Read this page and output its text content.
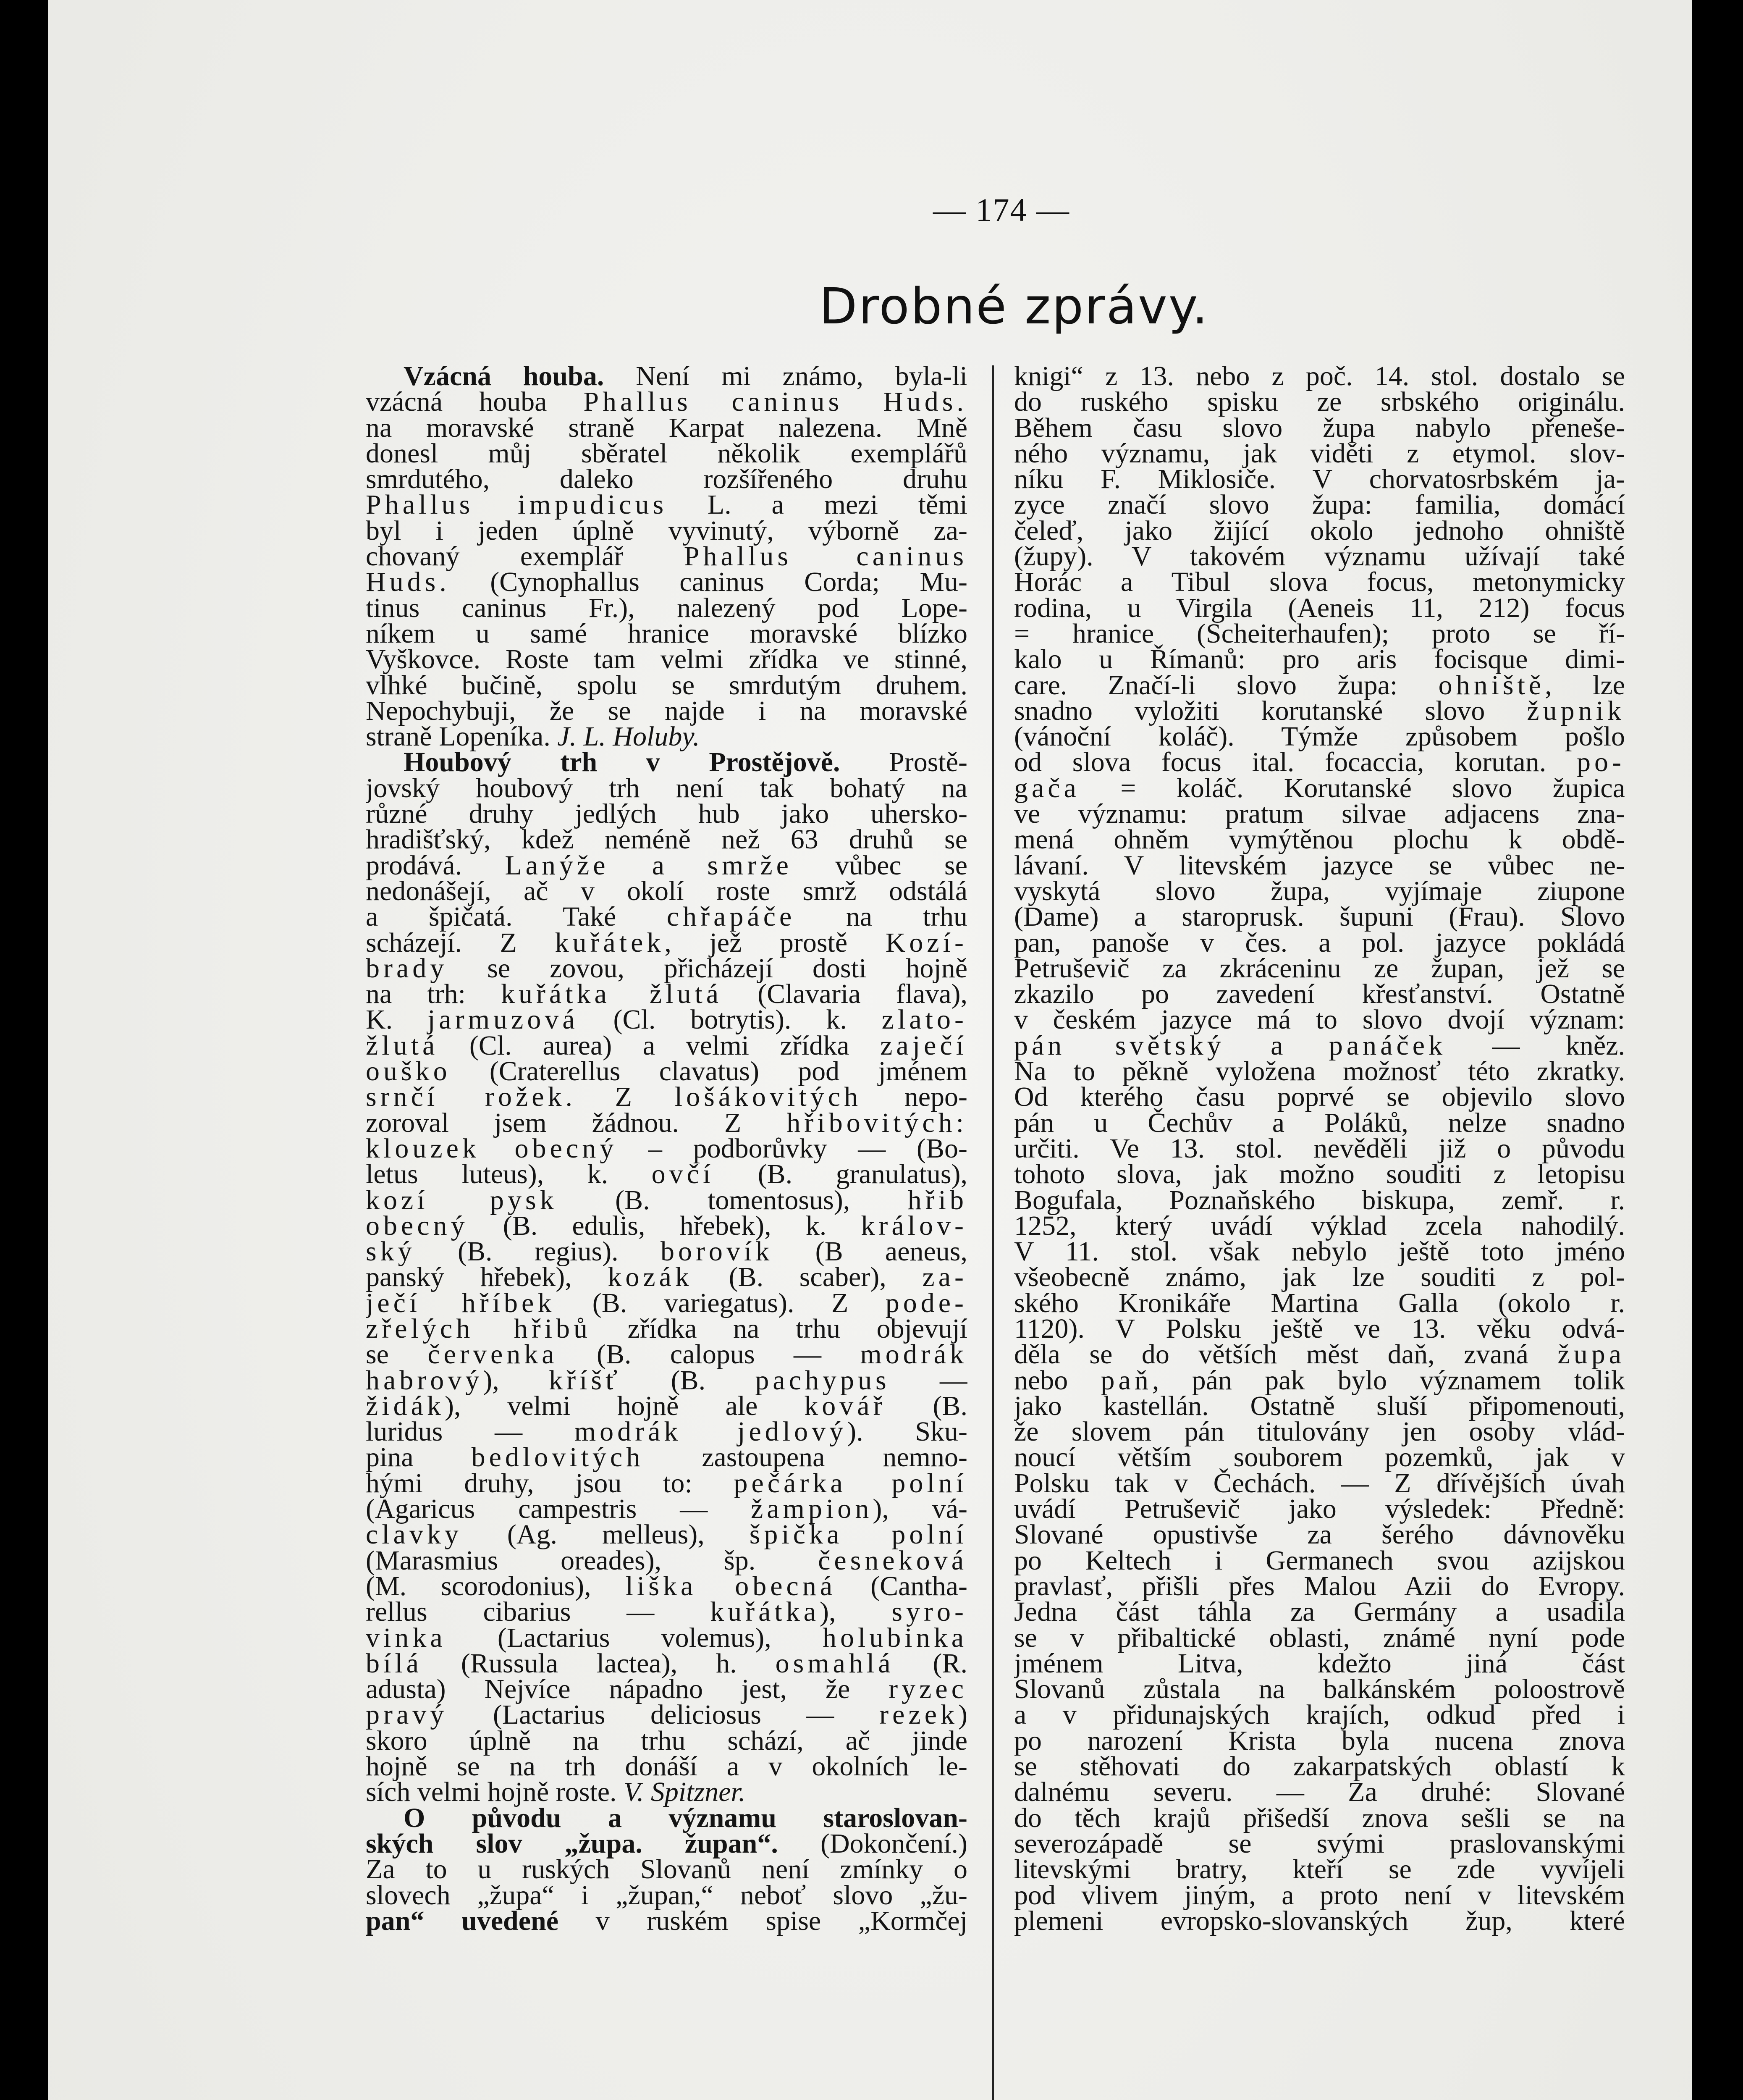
— 174 —
Drobné zprávy.
Vzácná houba. Není mi známo, byla-li
vzácná houba Phallus caninus Huds.
na moravské straně Karpat nalezena. Mně
donesl můj sběratel několik exemplářů
smrdutého, daleko rozšířeného druhu
Phallus impudicus L. a mezi těmi
byl i jeden úplně vyvinutý, výborně za-
chovaný exemplář Phallus caninus
Huds. (Cynophallus caninus Corda; Mu-
tinus caninus Fr.), nalezený pod Lope-
níkem u samé hranice moravské blízko
Vyškovce. Roste tam velmi zřídka ve stinné,
vlhké bučině, spolu se smrdutým druhem.
Nepochybuji, že se najde i na moravské
straně Lopeníka. J. L. Holuby.
Houbový trh v Prostějově. Prostě-
jovský houbový trh není tak bohatý na
různé druhy jedlých hub jako uhersko-
hradišťský, kdež neméně než 63 druhů se
prodává. Lanýže a smrže vůbec se
nedonášejí, ač v okolí roste smrž odstálá
a špičatá. Také chřapáče na trhu
scházejí. Z kuřátek, jež prostě Kozí-
brady se zovou, přicházejí dosti hojně
na trh: kuřátka žlutá (Clavaria flava),
K. jarmuzová (Cl. botrytis). k. zlato-
žlutá (Cl. aurea) a velmi zřídka zaječí
ouško (Craterellus clavatus) pod jménem
srnčí rožek. Z lošákovitých nepo-
zoroval jsem žádnou. Z hřibovitých:
klouzek obecný – podborůvky — (Bo-
letus luteus), k. ovčí (B. granulatus),
kozí pysk (B. tomentosus), hřib
obecný (B. edulis, hřebek), k. králov-
ský (B. regius). borovík (B aeneus,
panský hřebek), kozák (B. scaber), za-
ječí hříbek (B. variegatus). Z pode-
zřelých hřibů zřídka na trhu objevují
se červenka (B. calopus — modrák
habrový), kříšť (B. pachypus —
židák), velmi hojně ale kovář (B.
luridus — modrák jedlový). Sku-
pina bedlovitých zastoupena nemno-
hými druhy, jsou to: pečárka polní
(Agaricus campestris — žampion), vá-
clavky (Ag. melleus), špička polní
(Marasmius oreades), šp. česneková
(M. scorodonius), liška obecná (Cantha-
rellus cibarius — kuřátka), syro-
vinka (Lactarius volemus), holubinka
bílá (Russula lactea), h. osmahlá (R.
adusta) Nejvíce nápadno jest, že ryzec
pravý (Lactarius deliciosus — rezek)
skoro úplně na trhu schází, ač jinde
hojně se na trh donáší a v okolních le-
sích velmi hojně roste. V. Spitzner.
O původu a významu staroslovan-
ských slov „župa. župan“. (Dokončení.)
Za to u ruských Slovanů není zmínky o
slovech „župa“ i „župan,“ neboť slovo „žu-
pan“ uvedené v ruském spise „Kormčej
knigi“ z 13. nebo z poč. 14. stol. dostalo se
do ruského spisku ze srbského originálu.
Během času slovo župa nabylo přeneše-
ného významu, jak viděti z etymol. slov-
níku F. Miklosiče. V chorvatosrbském ja-
zyce značí slovo župa: familia, domácí
čeleď, jako žijící okolo jednoho ohniště
(župy). V takovém významu užívají také
Horác a Tibul slova focus, metonymicky
rodina, u Virgila (Aeneis 11, 212) focus
= hranice (Scheiterhaufen); proto se ří-
kalo u Římanů: pro aris focisque dimi-
care. Značí-li slovo župa: ohniště, lze
snadno vyložiti korutanské slovo župnik
(vánoční koláč). Týmže způsobem pošlo
od slova focus ital. focaccia, korutan. po-
gača = koláč. Korutanské slovo župica
ve významu: pratum silvae adjacens zna-
mená ohněm vymýtěnou plochu k obdě-
lávaní. V litevském jazyce se vůbec ne-
vyskytá slovo župa, vyjímaje ziupone
(Dame) a staroprusk. šupuni (Frau). Slovo
pan, panoše v čes. a pol. jazyce pokládá
Petruševič za zkráceninu ze župan, jež se
zkazilo po zavedení křesťanství. Ostatně
v českém jazyce má to slovo dvojí význam:
pán světský a panáček — kněz.
Na to pěkně vyložena možnosť této zkratky.
Od kterého času poprvé se objevilo slovo
pán u Čechův a Poláků, nelze snadno
určiti. Ve 13. stol. nevěděli již o původu
tohoto slova, jak možno souditi z letopisu
Bogufala, Poznaňského biskupa, zemř. r.
1252, který uvádí výklad zcela nahodilý.
V 11. stol. však nebylo ještě toto jméno
všeobecně známo, jak lze souditi z pol-
ského Kronikáře Martina Galla (okolo r.
1120). V Polsku ještě ve 13. věku odvá-
děla se do větších měst daň, zvaná župa
nebo paň, pán pak bylo významem tolik
jako kastellán. Ostatně sluší připomenouti,
že slovem pán titulovány jen osoby vlád-
noucí větším souborem pozemků, jak v
Polsku tak v Čechách. — Z dřívějších úvah
uvádí Petruševič jako výsledek: Předně:
Slované opustivše za šerého dávnověku
po Keltech i Germanech svou azijskou
pravlasť, přišli přes Malou Azii do Evropy.
Jedna část táhla za Germány a usadila
se v přibaltické oblasti, známé nyní pode
jménem Litva, kdežto jiná část
Slovanů zůstala na balkánském poloostrově
a v přidunajských krajích, odkud před i
po narození Krista byla nucena znova
se stěhovati do zakarpatských oblastí k
dalnému severu. — Za druhé: Slované
do těch krajů přišedší znova sešli se na
severozápadě se svými praslovanskými
litevskými bratry, kteří se zde vyvíjeli
pod vlivem jiným, a proto není v litevském
plemeni evropsko-slovanských žup, které
